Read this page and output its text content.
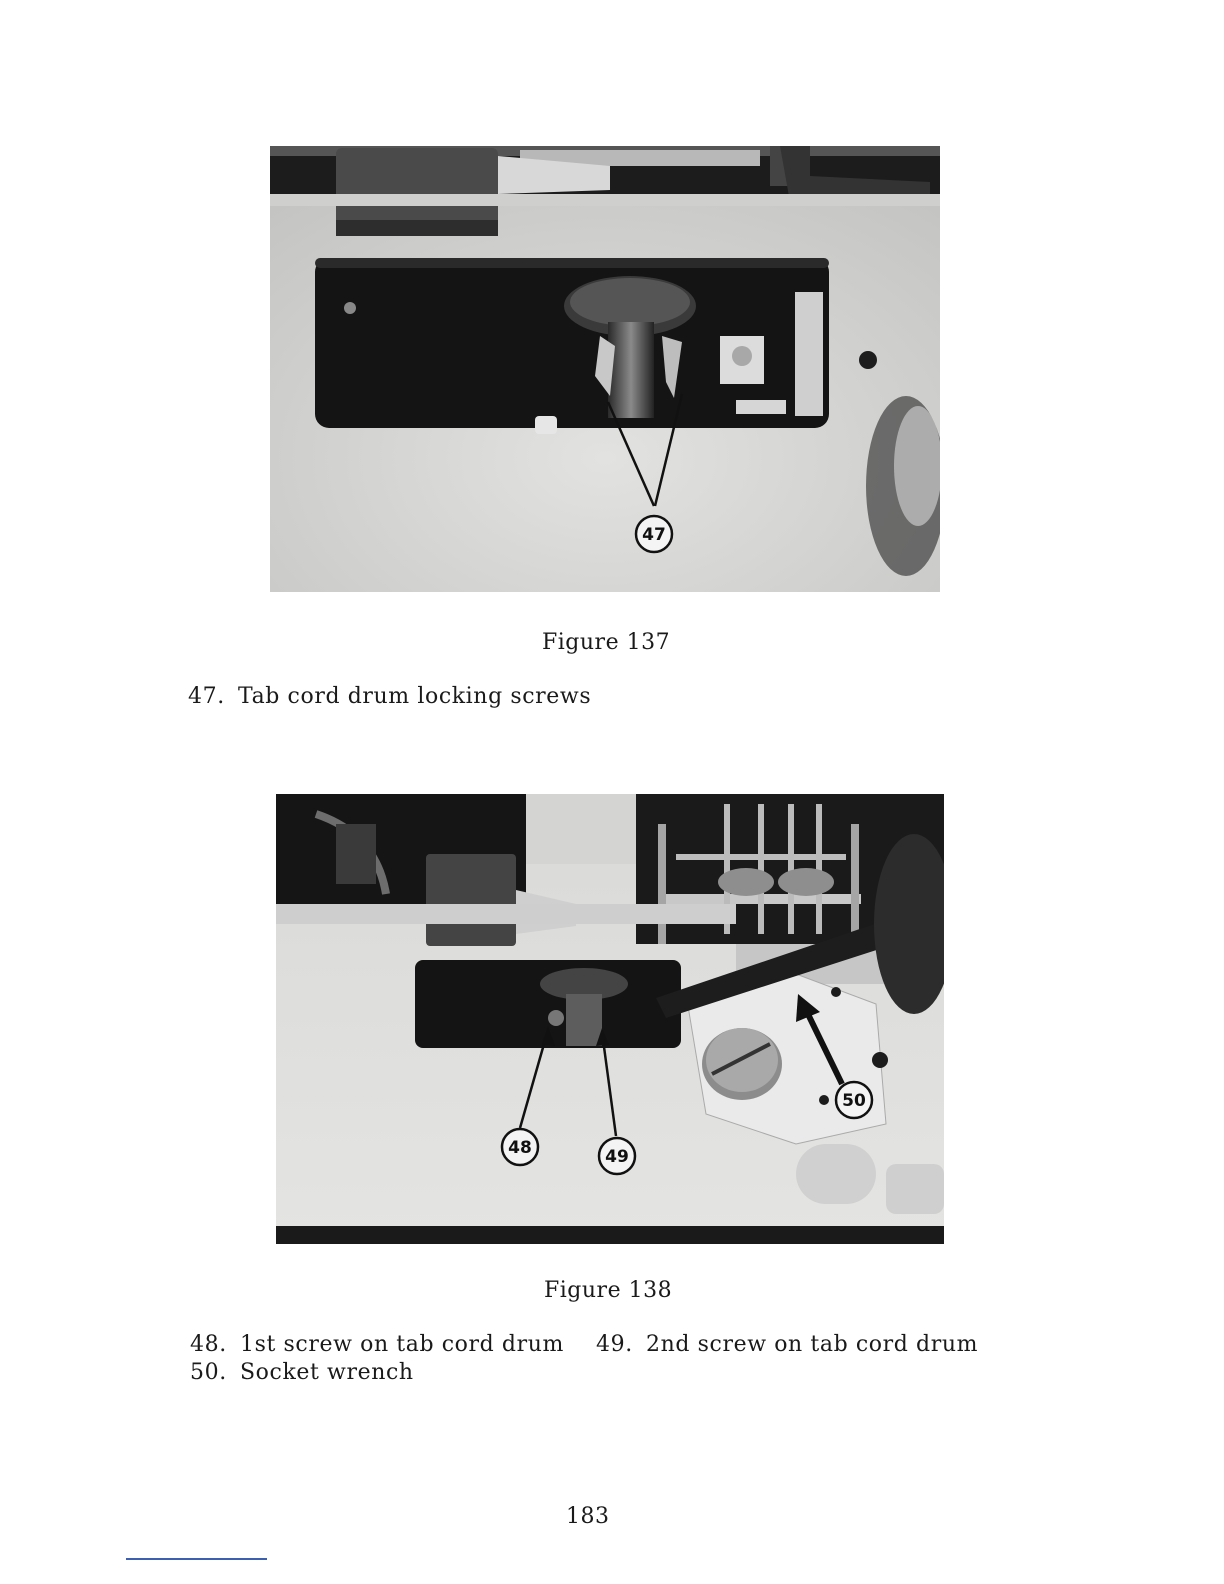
47
Figure 137
47. Tab cord drum locking screws
48	49
50
Figure 138
48. 1st screw on tab cord drum 49. 2nd screw on tab cord drum
50. Socket wrench
183
